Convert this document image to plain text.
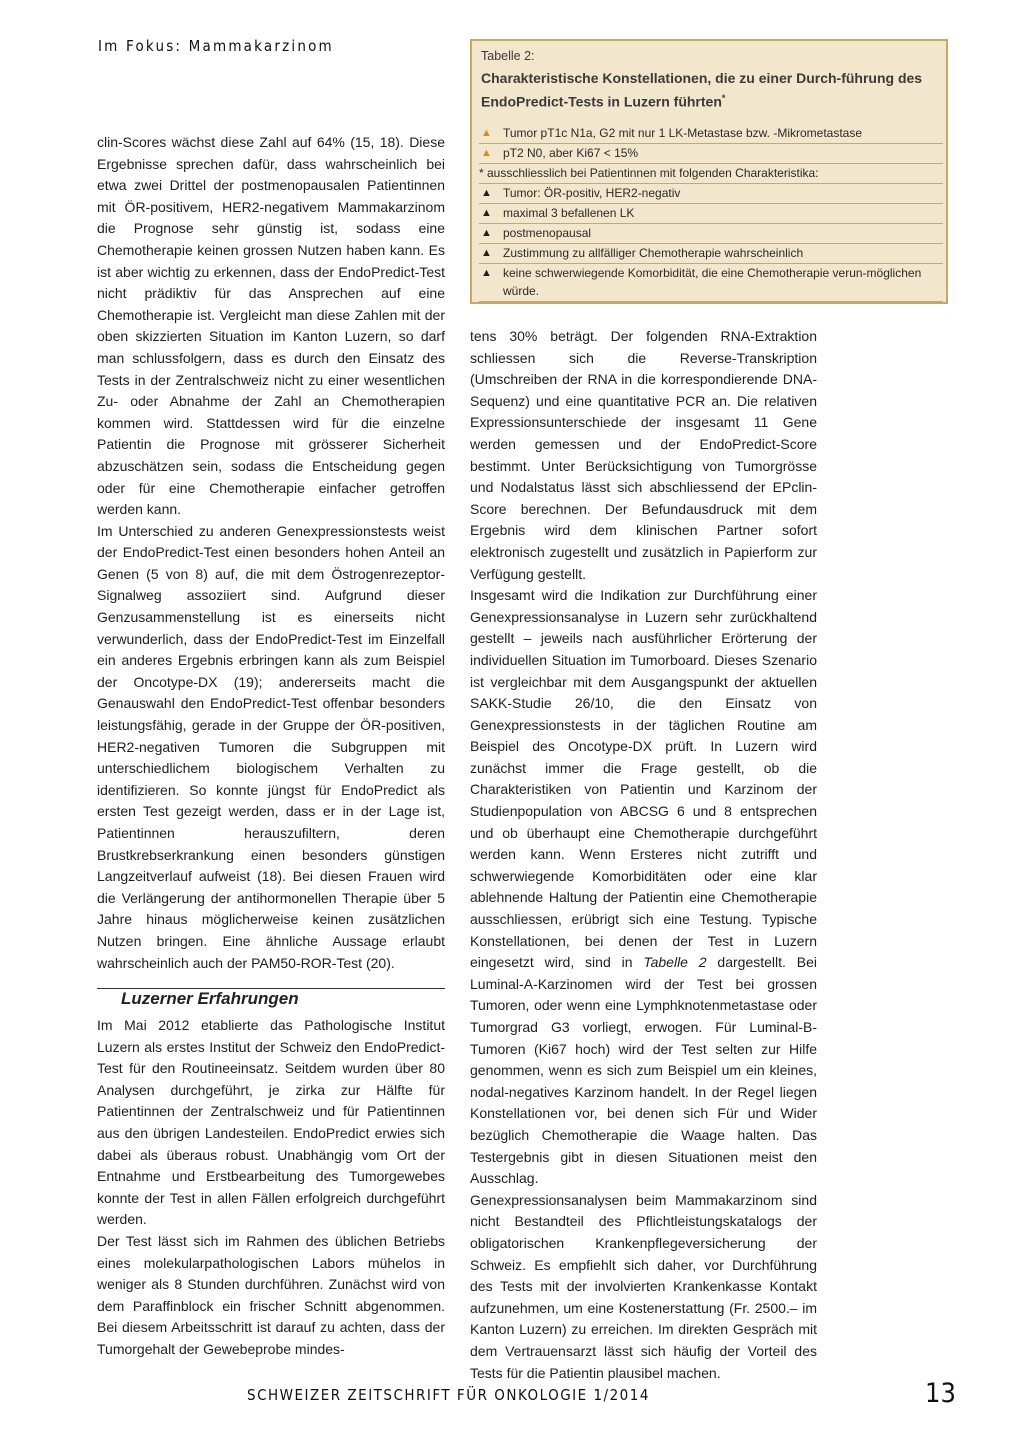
Im Fokus: Mammakarzinom
Tabelle 2:
Charakteristische Konstellationen, die zu einer Durch-führung des EndoPredict-Tests in Luzern führten*
▲ Tumor pT1c N1a, G2 mit nur 1 LK-Metastase bzw. -Mikrometastase
▲ pT2 N0, aber Ki67 < 15%
* ausschliesslich bei Patientinnen mit folgenden Charakteristika:
▲ Tumor: ÖR-positiv, HER2-negativ
▲ maximal 3 befallenen LK
▲ postmenopausal
▲ Zustimmung zu allfälliger Chemotherapie wahrscheinlich
▲ keine schwerwiegende Komorbidität, die eine Chemotherapie verun-möglichen würde.

clin-Scores wächst diese Zahl auf 64% (15, 18). Diese Ergebnisse sprechen dafür, dass wahrscheinlich bei etwa zwei Drittel der postmenopausalen Patientinnen mit ÖR-positivem, HER2-negativem Mammakarzinom die Prognose sehr günstig ist, sodass eine Chemotherapie keinen grossen Nutzen haben kann. Es ist aber wichtig zu erkennen, dass der EndoPredict-Test nicht prädiktiv für das Ansprechen auf eine Chemotherapie ist. Vergleicht man diese Zahlen mit der oben skizzierten Situation im Kanton Luzern, so darf man schlussfolgern, dass es durch den Einsatz des Tests in der Zentralschweiz nicht zu einer wesentlichen Zu- oder Abnahme der Zahl an Chemotherapien kommen wird. Stattdessen wird für die einzelne Patientin die Prognose mit grösserer Sicherheit abzuschätzen sein, sodass die Entscheidung gegen oder für eine Chemotherapie einfacher getroffen werden kann.

Im Unterschied zu anderen Genexpressionstests weist der EndoPredict-Test einen besonders hohen Anteil an Genen (5 von 8) auf, die mit dem Östrogenrezeptor-Signalweg assoziiert sind. Aufgrund dieser Genzusammenstellung ist es einerseits nicht verwunderlich, dass der EndoPredict-Test im Einzelfall ein anderes Ergebnis erbringen kann als zum Beispiel der Oncotype-DX (19); andererseits macht die Genauswahl den EndoPredict-Test offenbar besonders leistungsfähig, gerade in der Gruppe der ÖR-positiven, HER2-negativen Tumoren die Subgruppen mit unterschiedlichem biologischem Verhalten zu identifizieren. So konnte jüngst für EndoPredict als ersten Test gezeigt werden, dass er in der Lage ist, Patientinnen herauszufiltern, deren Brustkrebserkrankung einen besonders günstigen Langzeitverlauf aufweist (18). Bei diesen Frauen wird die Verlängerung der antihormonellen Therapie über 5 Jahre hinaus möglicherweise keinen zusätzlichen Nutzen bringen. Eine ähnliche Aussage erlaubt wahrscheinlich auch der PAM50-ROR-Test (20).

Luzerner Erfahrungen

Im Mai 2012 etablierte das Pathologische Institut Luzern als erstes Institut der Schweiz den EndoPredict-Test für den Routineeinsatz. Seitdem wurden über 80 Analysen durchgeführt, je zirka zur Hälfte für Patientinnen der Zentralschweiz und für Patientinnen aus den übrigen Landesteilen. EndoPredict erwies sich dabei als überaus robust. Unabhängig vom Ort der Entnahme und Erstbearbeitung des Tumorgewebes konnte der Test in allen Fällen erfolgreich durchgeführt werden.

Der Test lässt sich im Rahmen des üblichen Betriebs eines molekularpathologischen Labors mühelos in weniger als 8 Stunden durchführen. Zunächst wird von dem Paraffinblock ein frischer Schnitt abgenommen. Bei diesem Arbeitsschritt ist darauf zu achten, dass der Tumorgehalt der Gewebeprobe mindes-

tens 30% beträgt. Der folgenden RNA-Extraktion schliessen sich die Reverse-Transkription (Umschreiben der RNA in die korrespondierende DNA-Sequenz) und eine quantitative PCR an. Die relativen Expressionsunterschiede der insgesamt 11 Gene werden gemessen und der EndoPredict-Score bestimmt. Unter Berücksichtigung von Tumorgrösse und Nodalstatus lässt sich abschliessend der EPclin-Score berechnen. Der Befundausdruck mit dem Ergebnis wird dem klinischen Partner sofort elektronisch zugestellt und zusätzlich in Papierform zur Verfügung gestellt.

Insgesamt wird die Indikation zur Durchführung einer Genexpressionsanalyse in Luzern sehr zurückhaltend gestellt – jeweils nach ausführlicher Erörterung der individuellen Situation im Tumorboard. Dieses Szenario ist vergleichbar mit dem Ausgangspunkt der aktuellen SAKK-Studie 26/10, die den Einsatz von Genexpressionstests in der täglichen Routine am Beispiel des Oncotype-DX prüft. In Luzern wird zunächst immer die Frage gestellt, ob die Charakteristiken von Patientin und Karzinom der Studienpopulation von ABCSG 6 und 8 entsprechen und ob überhaupt eine Chemotherapie durchgeführt werden kann. Wenn Ersteres nicht zutrifft und schwerwiegende Komorbiditäten oder eine klar ablehnende Haltung der Patientin eine Chemotherapie ausschliessen, erübrigt sich eine Testung. Typische Konstellationen, bei denen der Test in Luzern eingesetzt wird, sind in Tabelle 2 dargestellt. Bei Luminal-A-Karzinomen wird der Test bei grossen Tumoren, oder wenn eine Lymphknotenmetastase oder Tumorgrad G3 vorliegt, erwogen. Für Luminal-B-Tumoren (Ki67 hoch) wird der Test selten zur Hilfe genommen, wenn es sich zum Beispiel um ein kleines, nodal-negatives Karzinom handelt. In der Regel liegen Konstellationen vor, bei denen sich Für und Wider bezüglich Chemotherapie die Waage halten. Das Testergebnis gibt in diesen Situationen meist den Ausschlag.

Genexpressionsanalysen beim Mammakarzinom sind nicht Bestandteil des Pflichtleistungskatalogs der obligatorischen Krankenpflegeversicherung der Schweiz. Es empfiehlt sich daher, vor Durchführung des Tests mit der involvierten Krankenkasse Kontakt aufzunehmen, um eine Kostenerstattung (Fr. 2500.– im Kanton Luzern) zu erreichen. Im direkten Gespräch mit dem Vertrauensarzt lässt sich häufig der Vorteil des Tests für die Patientin plausibel machen.

SCHWEIZER ZEITSCHRIFT FÜR ONKOLOGIE 1/2014	13
